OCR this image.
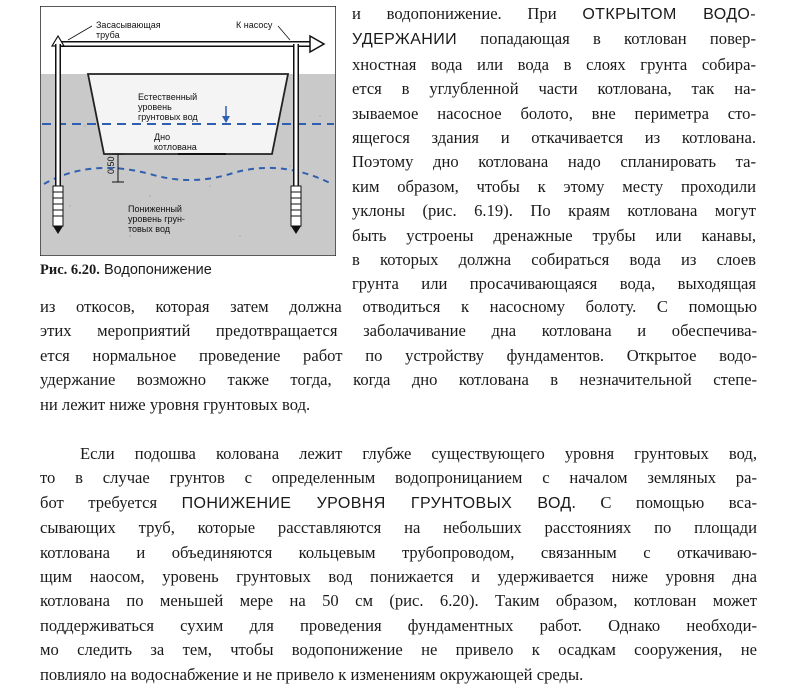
0,50
Засасывающая
труба
К насосу
Естественный
уровень
грунтовых вод
Дно
котлована
Пониженный
уровень грун-
товых вод
Рис. 6.20. Водопонижение
и водопонижение. При ОТКРЫТОМ ВОДО-
УДЕРЖАНИИ попадающая в котлован повер-
хностная вода или вода в слоях грунта собира-
ется в углубленной части котлована, так на-
зываемое насосное болото, вне периметра сто-
ящегося здания и откачивается из котлована.
Поэтому дно котлована надо спланировать та-
ким образом, чтобы к этому месту проходили
уклоны (рис. 6.19). По краям котлована могут
быть устроены дренажные трубы или канавы,
в которых должна собираться вода из слоев
грунта или просачивающаяся вода, выходящая
из откосов, которая затем должна отводиться к насосному болоту. С помощью
этих мероприятий предотвращается заболачивание дна котлована и обеспечива-
ется нормальное проведение работ по устройству фундаментов. Открытое водо-
удержание возможно также тогда, когда дно котлована в незначительной степе-
ни лежит ниже уровня грунтовых вод.
Если подошва колована лежит глубже существующего уровня грунтовых вод,
то в случае грунтов с определенным водопроницанием с началом земляных ра-
бот требуется ПОНИЖЕНИЕ УРОВНЯ ГРУНТОВЫХ ВОД. С помощью вса-
сывающих труб, которые расставляются на небольших расстояниях по площади
котлована и объединяются кольцевым трубопроводом, связанным с откачиваю-
щим наосом, уровень грунтовых вод понижается и удерживается ниже уровня дна
котлована по меньшей мере на 50 см (рис. 6.20). Таким образом, котлован может
поддерживаться сухим для проведения фундаментных работ. Однако необходи-
мо следить за тем, чтобы водопонижение не привело к осадкам сооружения, не
повлияло на водоснабжение и не привело к изменениям окружающей среды.
